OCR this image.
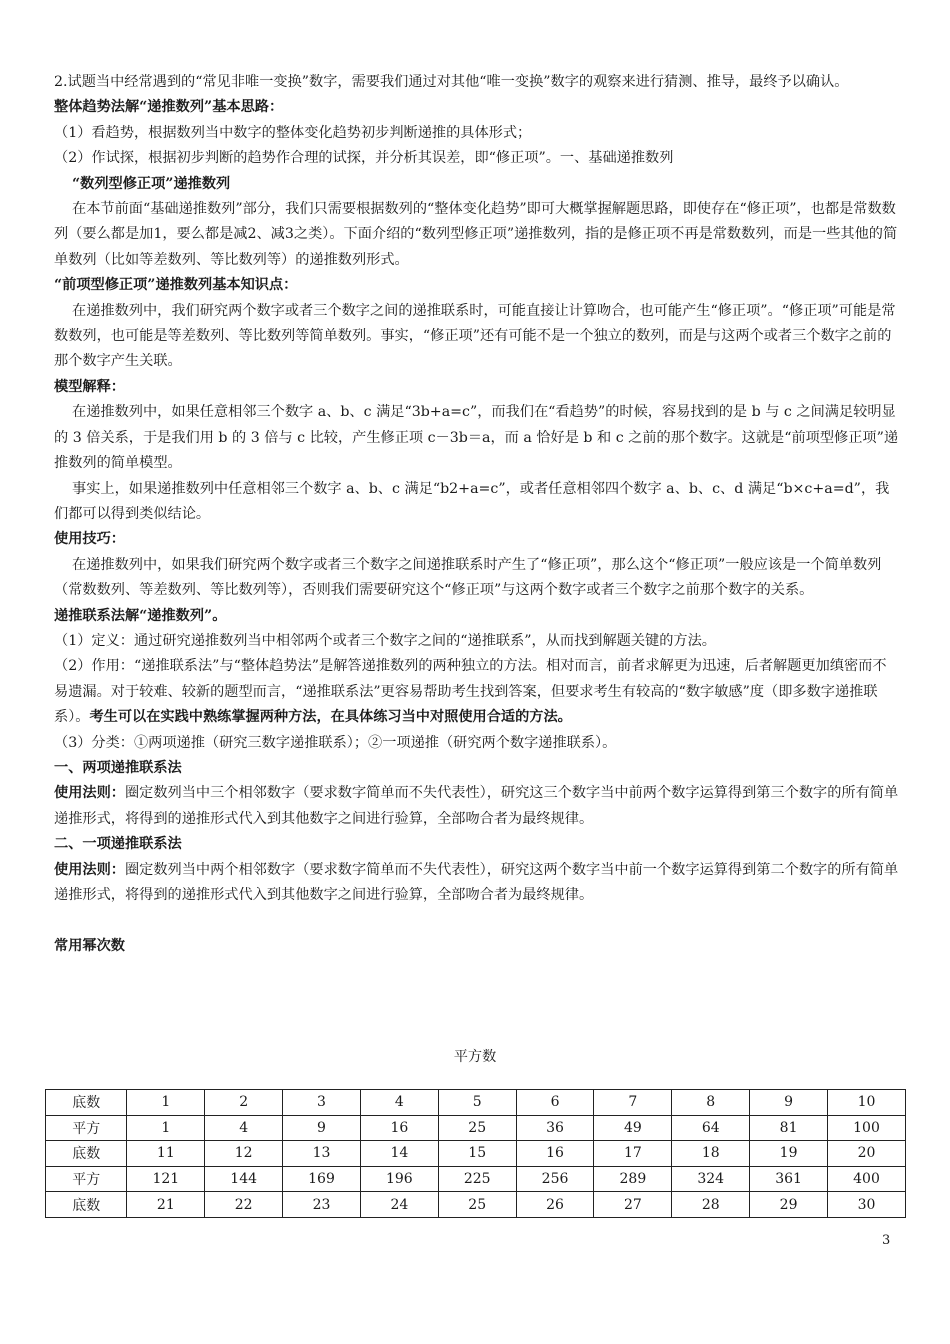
2.试题当中经常遇到的“常见非唯一变换”数字，需要我们通过对其他“唯一变换”数字的观察来进行猜测、推导，最终予以确认。

整体趋势法解“递推数列”基本思路：

（1）看趋势，根据数列当中数字的整体变化趋势初步判断递推的具体形式；

（2）作试探，根据初步判断的趋势作合理的试探，并分析其误差，即“修正项”。一、基础递推数列

“数列型修正项”递推数列

在本节前面“基础递推数列”部分，我们只需要根据数列的“整体变化趋势”即可大概掌握解题思路，即使存在“修正项”，也都是常数数列（要么都是加1，要么都是减2、减3之类）。下面介绍的“数列型修正项”递推数列，指的是修正项不再是常数数列，而是一些其他的简单数列（比如等差数列、等比数列等）的递推数列形式。

“前项型修正项”递推数列基本知识点：

在递推数列中，我们研究两个数字或者三个数字之间的递推联系时，可能直接让计算吻合，也可能产生“修正项”。“修正项”可能是常数数列，也可能是等差数列、等比数列等简单数列。事实，“修正项”还有可能不是一个独立的数列，而是与这两个或者三个数字之前的那个数字产生关联。

模型解释：

在递推数列中，如果任意相邻三个数字 a、b、c 满足“3b+a=c”，而我们在“看趋势”的时候，容易找到的是 b 与 c 之间满足较明显的 3 倍关系，于是我们用 b 的 3 倍与 c 比较，产生修正项 c－3b＝a，而 a 恰好是 b 和 c 之前的那个数字。这就是“前项型修正项”递推数列的简单模型。

事实上，如果递推数列中任意相邻三个数字 a、b、c 满足“b2+a=c”，或者任意相邻四个数字 a、b、c、d 满足“b×c+a=d”，我们都可以得到类似结论。

使用技巧：

在递推数列中，如果我们研究两个数字或者三个数字之间递推联系时产生了“修正项”，那么这个“修正项”一般应该是一个简单数列（常数数列、等差数列、等比数列等），否则我们需要研究这个“修正项”与这两个数字或者三个数字之前那个数字的关系。

递推联系法解“递推数列”。

（1）定义：通过研究递推数列当中相邻两个或者三个数字之间的“递推联系”，从而找到解题关键的方法。

（2）作用：“递推联系法”与“整体趋势法”是解答递推数列的两种独立的方法。相对而言，前者求解更为迅速，后者解题更加缜密而不易遗漏。对于较难、较新的题型而言，“递推联系法”更容易帮助考生找到答案，但要求考生有较高的“数字敏感”度（即多数字递推联系）。考生可以在实践中熟练掌握两种方法，在具体练习当中对照使用合适的方法。

（3）分类：①两项递推（研究三数字递推联系）；②一项递推（研究两个数字递推联系）。

一、两项递推联系法

使用法则：圈定数列当中三个相邻数字（要求数字简单而不失代表性），研究这三个数字当中前两个数字运算得到第三个数字的所有简单递推形式，将得到的递推形式代入到其他数字之间进行验算，全部吻合者为最终规律。

二、一项递推联系法

使用法则：圈定数列当中两个相邻数字（要求数字简单而不失代表性），研究这两个数字当中前一个数字运算得到第二个数字的所有简单递推形式，将得到的递推形式代入到其他数字之间进行验算，全部吻合者为最终规律。

常用幂次数

平方数
底数	1	2	3	4	5	6	7	8	9	10
平方	1	4	9	16	25	36	49	64	81	100
底数	11	12	13	14	15	16	17	18	19	20
平方	121	144	169	196	225	256	289	324	361	400
底数	21	22	23	24	25	26	27	28	29	30
3
